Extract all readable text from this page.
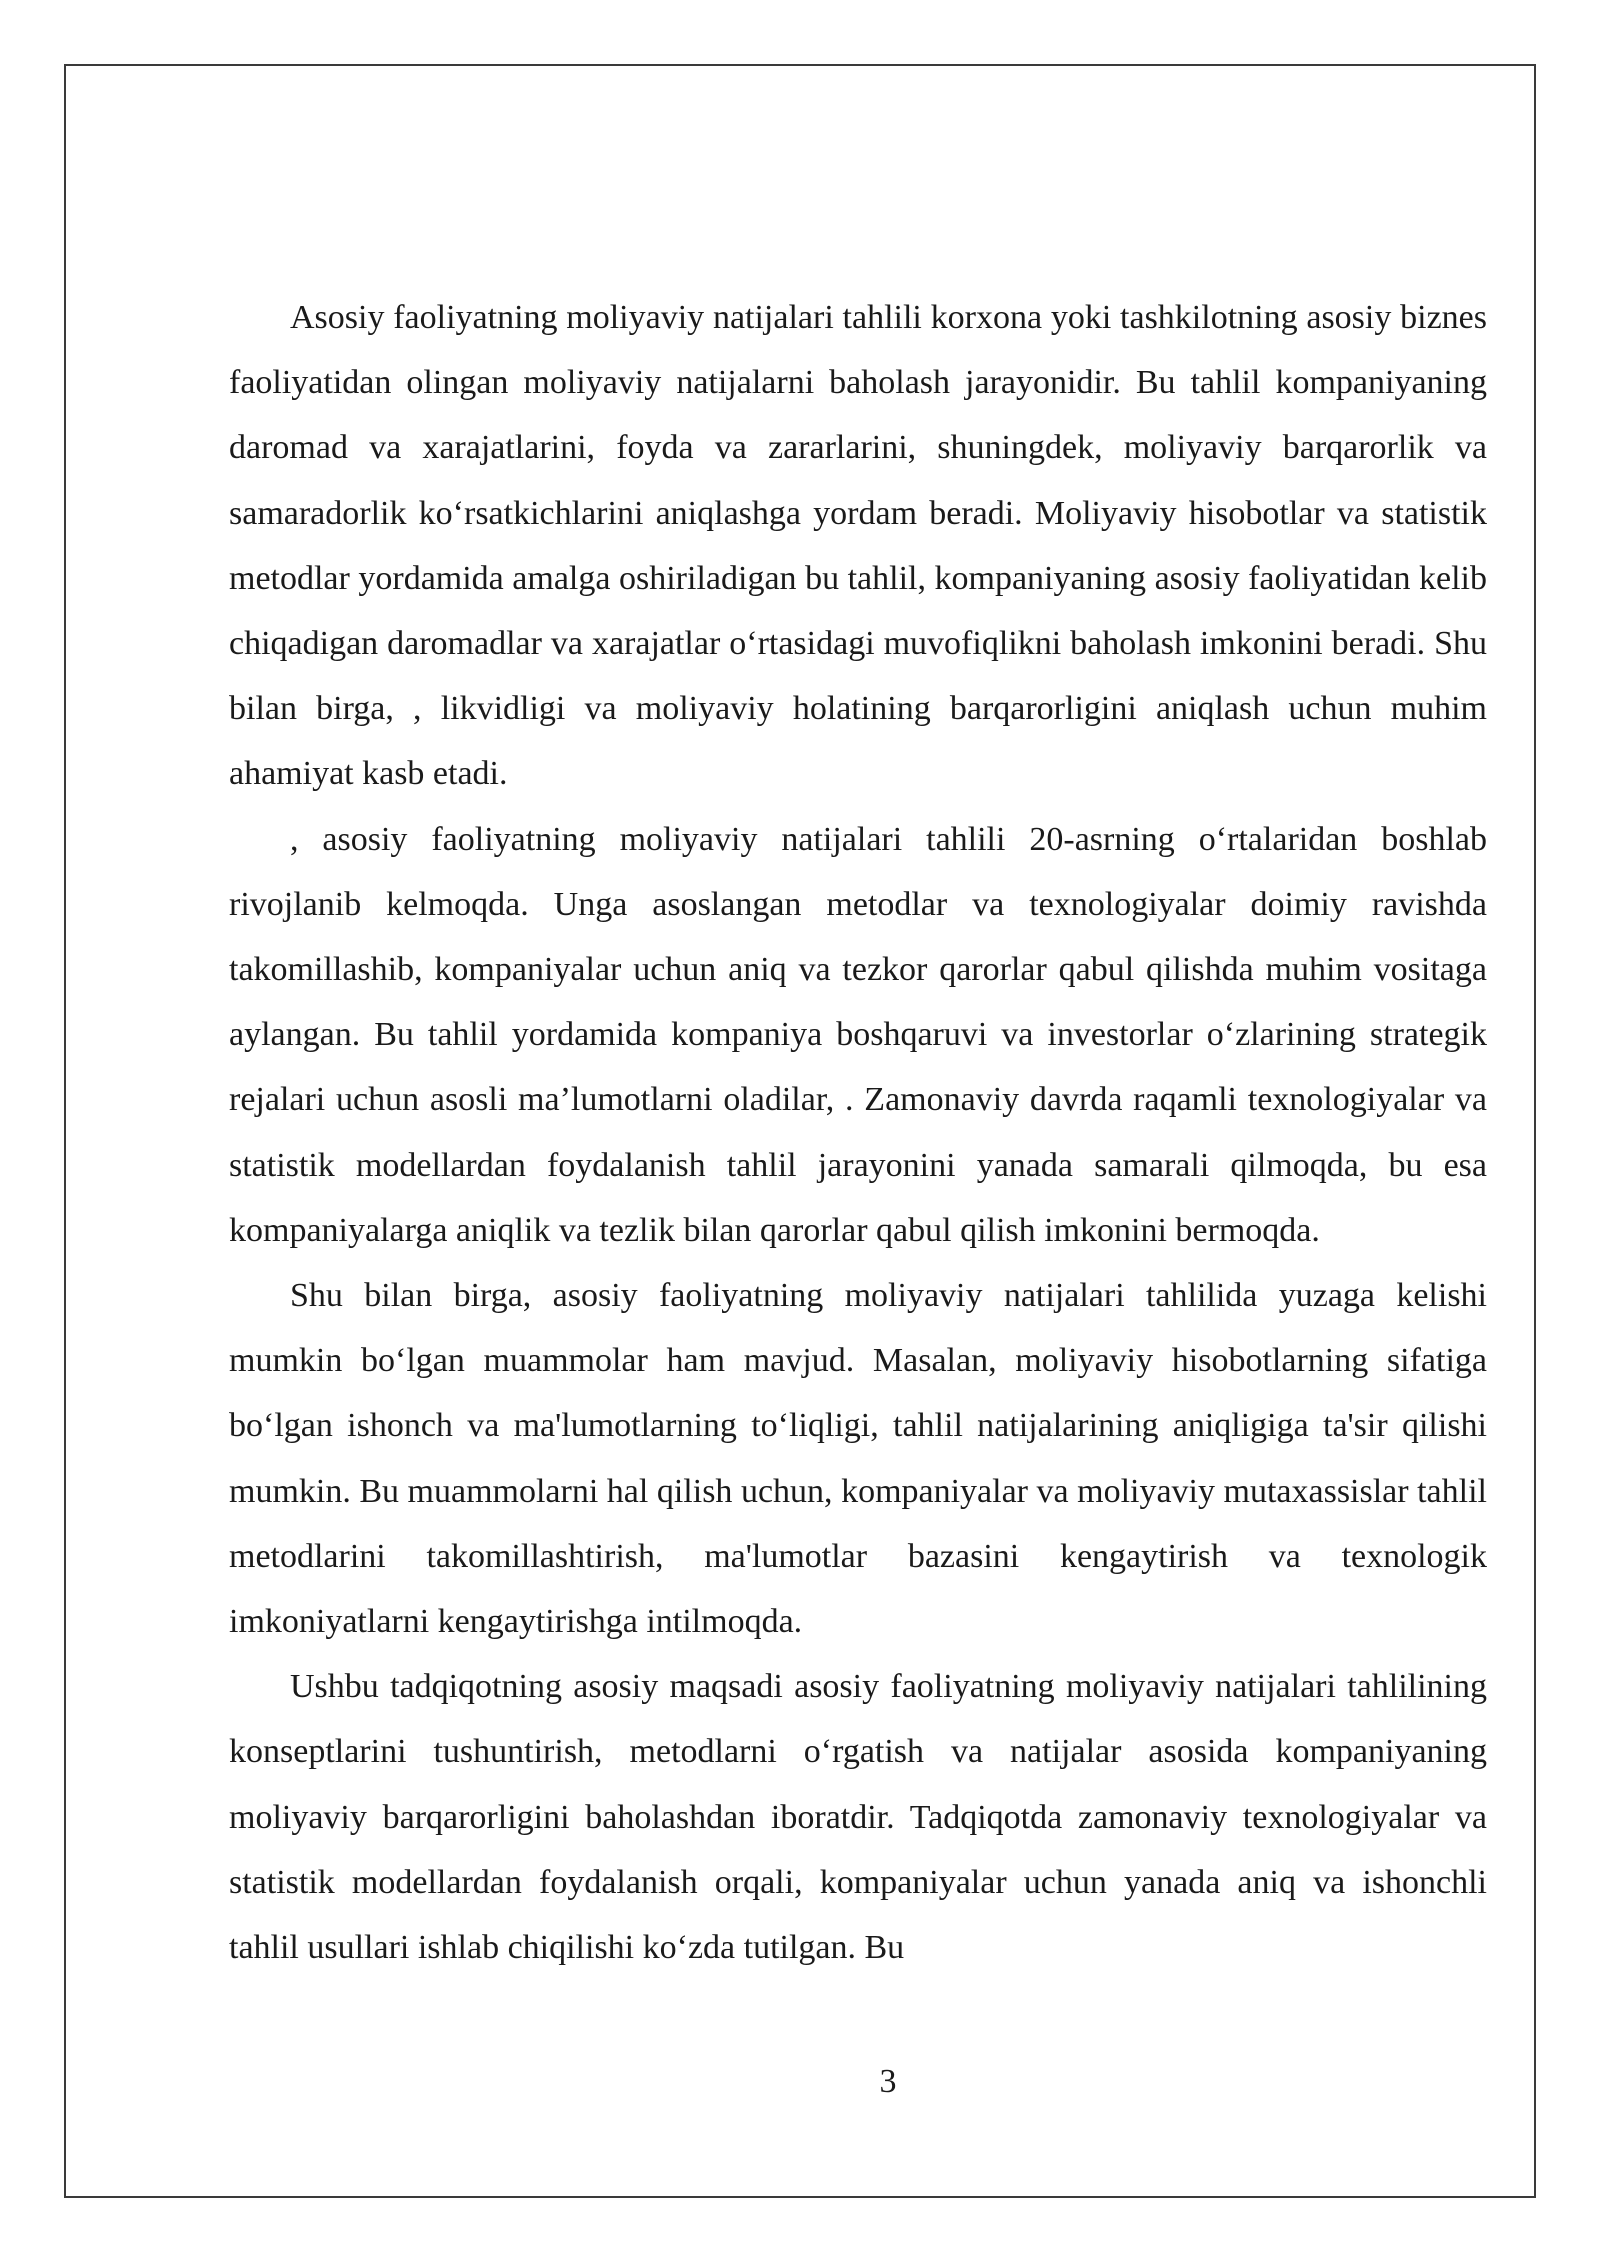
Asosiy faoliyatning moliyaviy natijalari tahlili korxona yoki tashkilotning asosiy biznes faoliyatidan olingan moliyaviy natijalarni baholash jarayonidir. Bu tahlil kompaniyaning daromad va xarajatlarini, foyda va zararlarini, shuningdek, moliyaviy barqarorlik va samaradorlik ko‘rsatkichlarini aniqlashga yordam beradi. Moliyaviy hisobotlar va statistik metodlar yordamida amalga oshiriladigan bu tahlil, kompaniyaning asosiy faoliyatidan kelib chiqadigan daromadlar va xarajatlar o‘rtasidagi muvofiqlikni baholash imkonini beradi. Shu bilan birga, , likvidligi va moliyaviy holatining barqarorligini aniqlash uchun muhim ahamiyat kasb etadi.

, asosiy faoliyatning moliyaviy natijalari tahlili 20-asrning o‘rtalaridan boshlab rivojlanib kelmoqda. Unga asoslangan metodlar va texnologiyalar doimiy ravishda takomillashib, kompaniyalar uchun aniq va tezkor qarorlar qabul qilishda muhim vositaga aylangan. Bu tahlil yordamida kompaniya boshqaruvi va investorlar o‘zlarining strategik rejalari uchun asosli ma’lumotlarni oladilar, . Zamonaviy davrda raqamli texnologiyalar va statistik modellardan foydalanish tahlil jarayonini yanada samarali qilmoqda, bu esa kompaniyalarga aniqlik va tezlik bilan qarorlar qabul qilish imkonini bermoqda.

Shu bilan birga, asosiy faoliyatning moliyaviy natijalari tahlilida yuzaga kelishi mumkin bo‘lgan muammolar ham mavjud. Masalan, moliyaviy hisobotlarning sifatiga bo‘lgan ishonch va ma'lumotlarning to‘liqligi, tahlil natijalarining aniqligiga ta'sir qilishi mumkin. Bu muammolarni hal qilish uchun, kompaniyalar va moliyaviy mutaxassislar tahlil metodlarini takomillashtirish, ma'lumotlar bazasini kengaytirish va texnologik imkoniyatlarni kengaytirishga intilmoqda.

Ushbu tadqiqotning asosiy maqsadi asosiy faoliyatning moliyaviy natijalari tahlilining konseptlarini tushuntirish, metodlarni o‘rgatish va natijalar asosida kompaniyaning moliyaviy barqarorligini baholashdan iboratdir. Tadqiqotda zamonaviy texnologiyalar va statistik modellardan foydalanish orqali, kompaniyalar uchun yanada aniq va ishonchli tahlil usullari ishlab chiqilishi ko‘zda tutilgan. Bu

3
